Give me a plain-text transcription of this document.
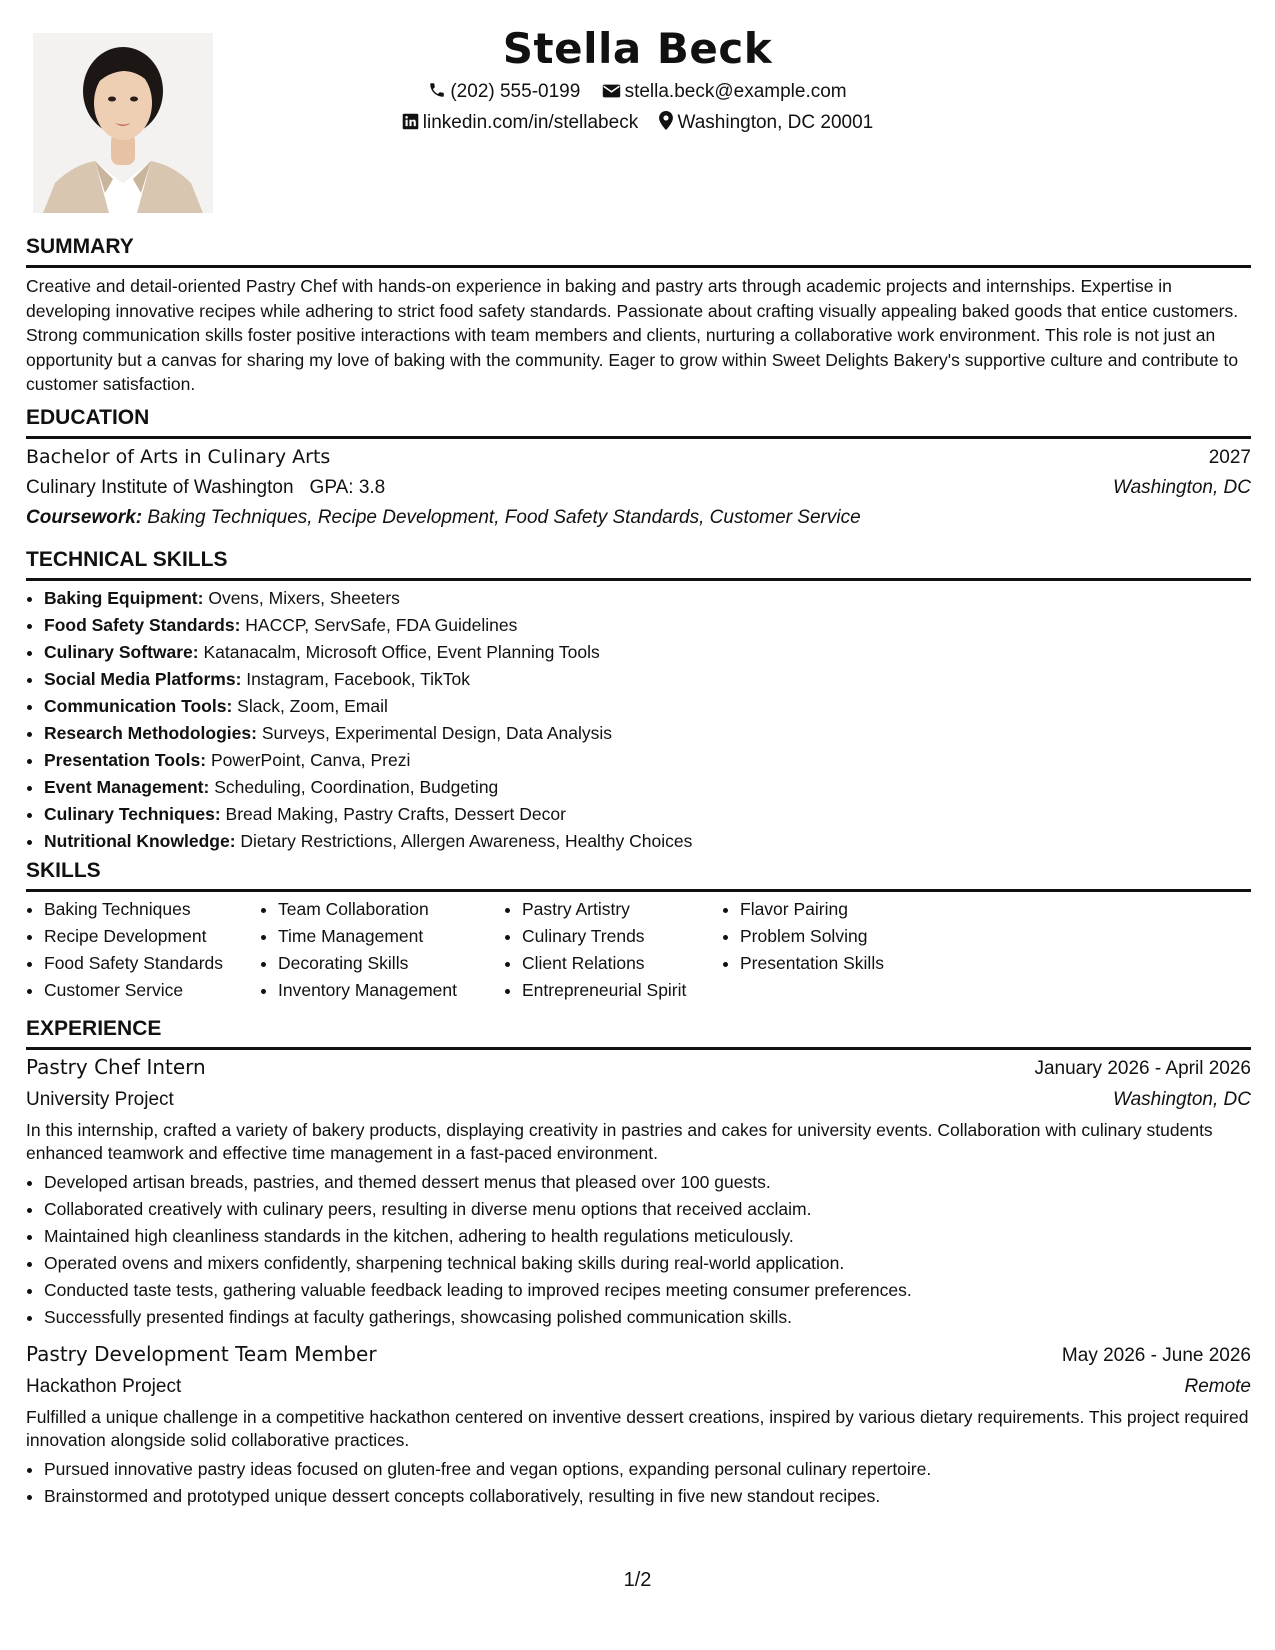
Stella Beck
(202) 555-0199 stella.beck@example.com
linkedin.com/in/stellabeck Washington, DC 20001
SUMMARY

Creative and detail-oriented Pastry Chef with hands-on experience in baking and pastry arts through academic projects and internships. Expertise in developing innovative recipes while adhering to strict food safety standards. Passionate about crafting visually appealing baked goods that entice customers. Strong communication skills foster positive interactions with team members and clients, nurturing a collaborative work environment. This role is not just an opportunity but a canvas for sharing my love of baking with the community. Eager to grow within Sweet Delights Bakery's supportive culture and contribute to customer satisfaction.

EDUCATION
Bachelor of Arts in Culinary Arts	2027
Culinary Institute of Washington GPA: 3.8	Washington, DC
Coursework: Baking Techniques, Recipe Development, Food Safety Standards, Customer Service
TECHNICAL SKILLS
• Baking Equipment: Ovens, Mixers, Sheeters
• Food Safety Standards: HACCP, ServSafe, FDA Guidelines
• Culinary Software: Katanacalm, Microsoft Office, Event Planning Tools
• Social Media Platforms: Instagram, Facebook, TikTok
• Communication Tools: Slack, Zoom, Email
• Research Methodologies: Surveys, Experimental Design, Data Analysis
• Presentation Tools: PowerPoint, Canva, Prezi
• Event Management: Scheduling, Coordination, Budgeting
• Culinary Techniques: Bread Making, Pastry Crafts, Dessert Decor
• Nutritional Knowledge: Dietary Restrictions, Allergen Awareness, Healthy Choices
SKILLS
• Baking Techniques
• Recipe Development
• Food Safety Standards
• Customer Service
• Team Collaboration
• Time Management
• Decorating Skills
• Inventory Management
• Pastry Artistry
• Culinary Trends
• Client Relations
• Entrepreneurial Spirit
• Flavor Pairing
• Problem Solving
• Presentation Skills
EXPERIENCE
Pastry Chef Intern	January 2026 - April 2026
University Project	Washington, DC

In this internship, crafted a variety of bakery products, displaying creativity in pastries and cakes for university events. Collaboration with culinary students enhanced teamwork and effective time management in a fast-paced environment.

• Developed artisan breads, pastries, and themed dessert menus that pleased over 100 guests.
• Collaborated creatively with culinary peers, resulting in diverse menu options that received acclaim.
• Maintained high cleanliness standards in the kitchen, adhering to health regulations meticulously.
• Operated ovens and mixers confidently, sharpening technical baking skills during real-world application.
• Conducted taste tests, gathering valuable feedback leading to improved recipes meeting consumer preferences.
• Successfully presented findings at faculty gatherings, showcasing polished communication skills.
Pastry Development Team Member	May 2026 - June 2026
Hackathon Project	Remote

Fulfilled a unique challenge in a competitive hackathon centered on inventive dessert creations, inspired by various dietary requirements. This project required innovation alongside solid collaborative practices.

• Pursued innovative pastry ideas focused on gluten-free and vegan options, expanding personal culinary repertoire.
• Brainstormed and prototyped unique dessert concepts collaboratively, resulting in five new standout recipes.
1/2
